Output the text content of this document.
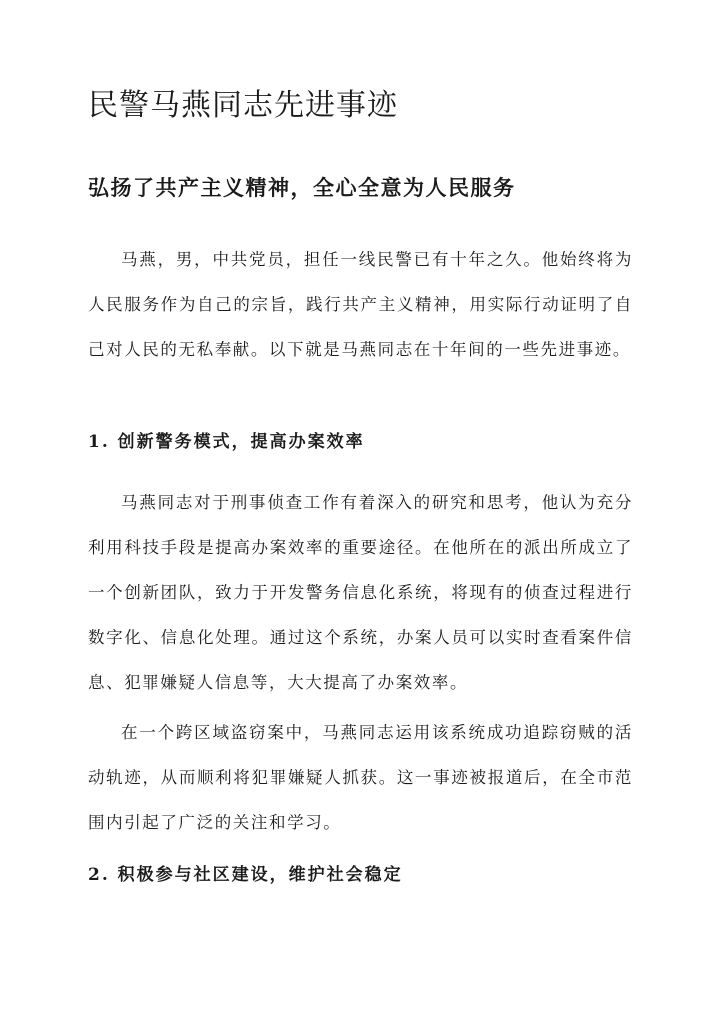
民警马燕同志先进事迹
弘扬了共产主义精神，全心全意为人民服务

马燕，男，中共党员，担任一线民警已有十年之久。他始终将为人民服务作为自己的宗旨，践行共产主义精神，用实际行动证明了自己对人民的无私奉献。以下就是马燕同志在十年间的一些先进事迹。

1. 创新警务模式，提高办案效率

马燕同志对于刑事侦查工作有着深入的研究和思考，他认为充分利用科技手段是提高办案效率的重要途径。在他所在的派出所成立了一个创新团队，致力于开发警务信息化系统，将现有的侦查过程进行数字化、信息化处理。通过这个系统，办案人员可以实时查看案件信息、犯罪嫌疑人信息等，大大提高了办案效率。

在一个跨区域盗窃案中，马燕同志运用该系统成功追踪窃贼的活动轨迹，从而顺利将犯罪嫌疑人抓获。这一事迹被报道后，在全市范围内引起了广泛的关注和学习。

2. 积极参与社区建设，维护社会稳定
